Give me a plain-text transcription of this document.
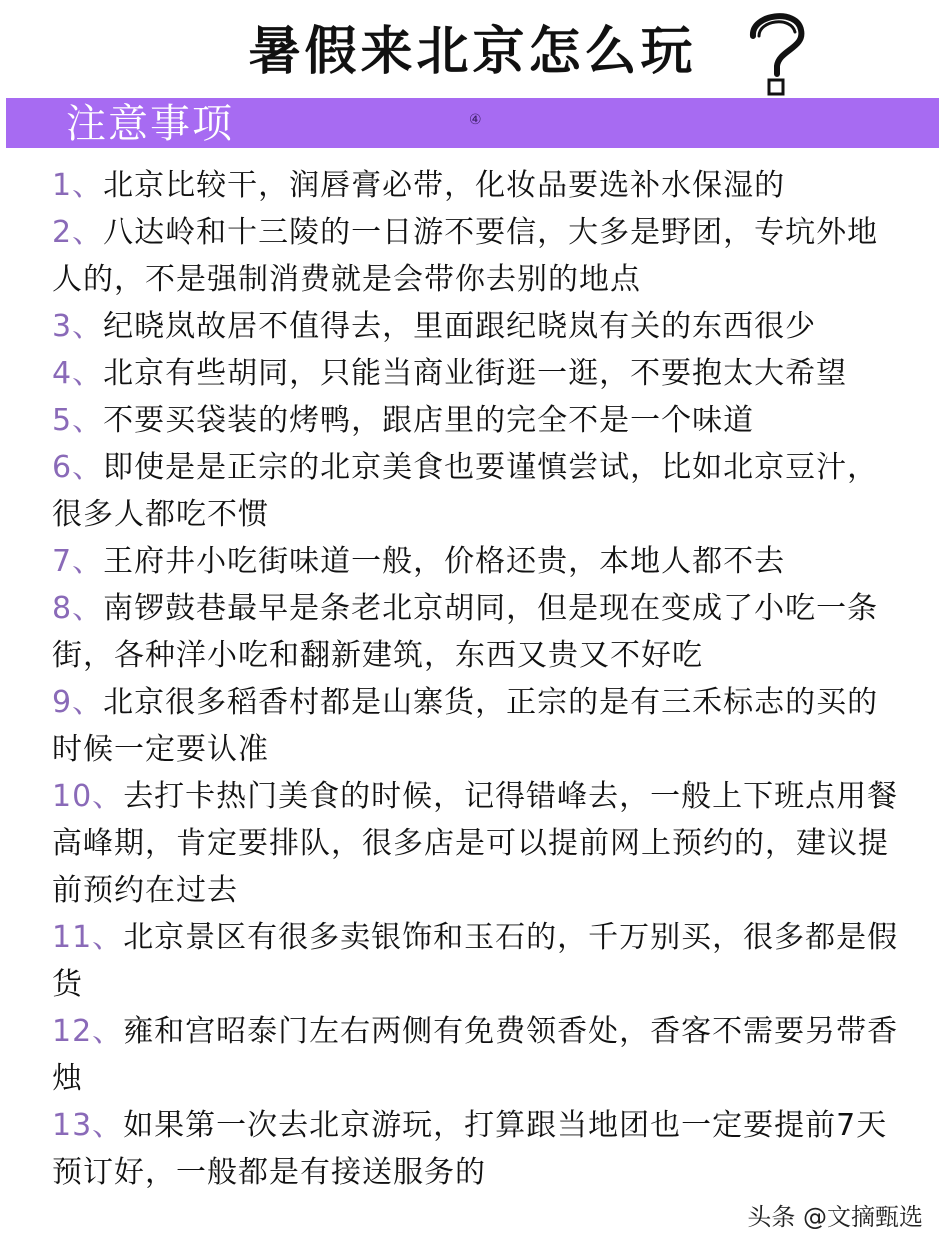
暑假来北京怎么玩
注意事项	④
1、北京比较干，润唇膏必带，化妆品要选补水保湿的
2、八达岭和十三陵的一日游不要信，大多是野团，专坑外地人的，不是强制消费就是会带你去别的地点
3、纪晓岚故居不值得去，里面跟纪晓岚有关的东西很少
4、北京有些胡同，只能当商业街逛一逛，不要抱太大希望
5、不要买袋装的烤鸭，跟店里的完全不是一个味道
6、即使是是正宗的北京美食也要谨慎尝试，比如北京豆汁，很多人都吃不惯
7、王府井小吃街味道一般，价格还贵，本地人都不去
8、南锣鼓巷最早是条老北京胡同，但是现在变成了小吃一条街，各种洋小吃和翻新建筑，东西又贵又不好吃
9、北京很多稻香村都是山寨货，正宗的是有三禾标志的买的时候一定要认准
10、去打卡热门美食的时候，记得错峰去，一般上下班点用餐高峰期，肯定要排队，很多店是可以提前网上预约的，建议提前预约在过去
11、北京景区有很多卖银饰和玉石的，千万别买，很多都是假货
12、雍和宫昭泰门左右两侧有免费领香处，香客不需要另带香烛
13、如果第一次去北京游玩，打算跟当地团也一定要提前7天预订好，一般都是有接送服务的
头条 @文摘甄选
